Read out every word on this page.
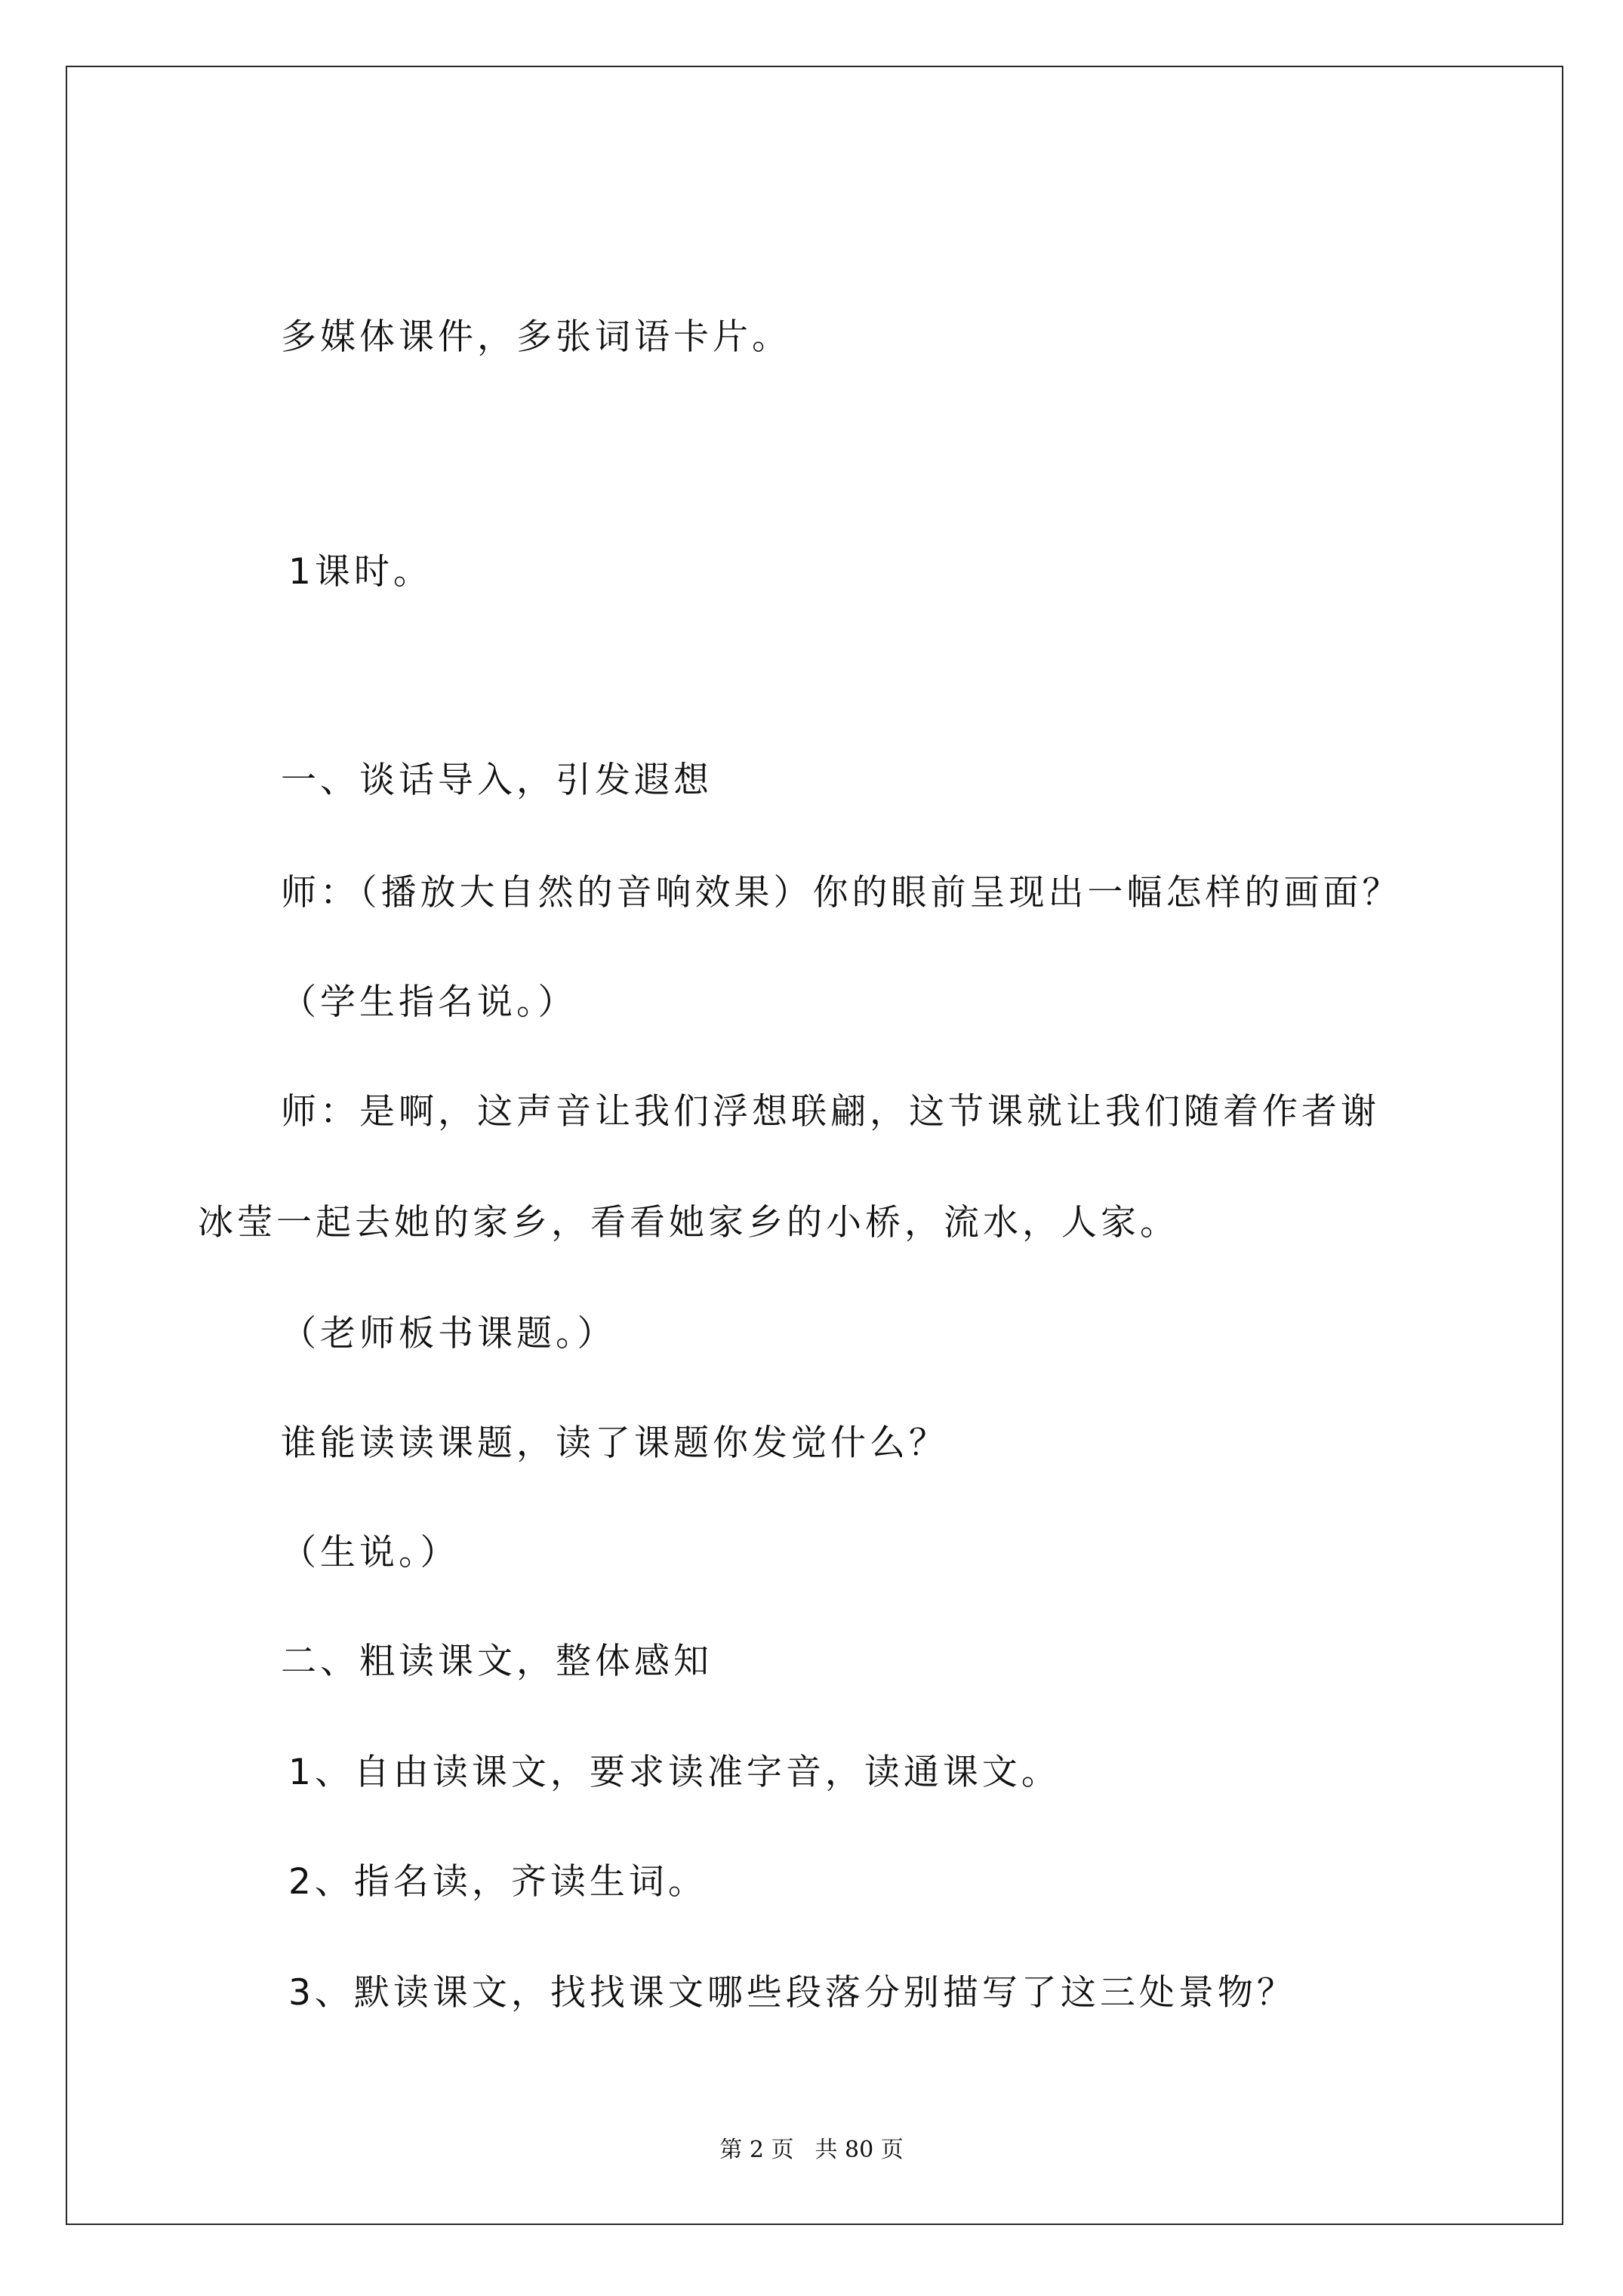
多媒体课件，多张词语卡片。

1课时。

一、谈话导入，引发遐想

师：（播放大自然的音响效果）你的眼前呈现出一幅怎样的画面？

（学生指名说。）

师：是啊，这声音让我们浮想联翩，这节课就让我们随着作者谢

冰莹一起去她的家乡，看看她家乡的小桥，流水，人家。

（老师板书课题。）

谁能读读课题，读了课题你发觉什么？

（生说。）

二、粗读课文，整体感知

1、自由读课文，要求读准字音，读通课文。

2、指名读，齐读生词。

3、默读课文，找找课文哪些段落分别描写了这三处景物？

第 2 页 共 80 页
